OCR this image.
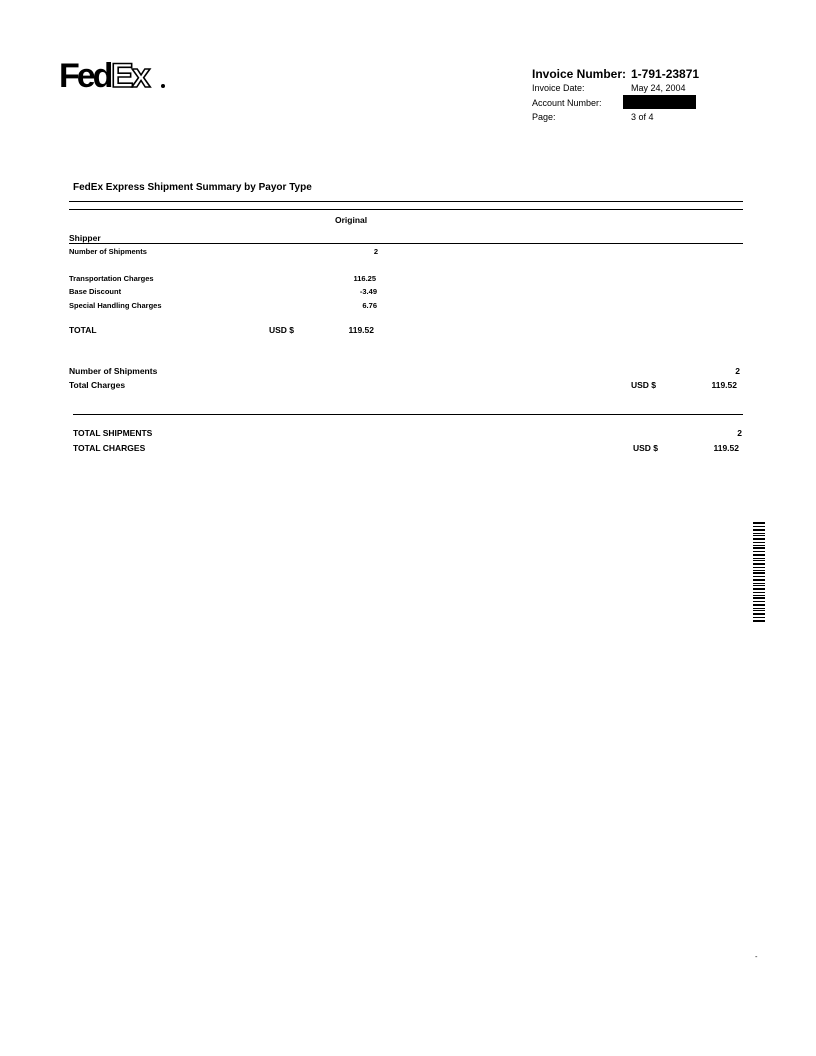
Fed Ex	Invoice Number: 1-791-23871
Invoice Date:	May 24, 2004
Account Number:
Page:	3 of 4
FedEx Express Shipment Summary by Payor Type
Original
Shipper
Number of Shipments	2
Transportation Charges	116.25
Base Discount	-3.49
Special Handling Charges	6.76
TOTAL	USD $	119.52
Number of Shipments	2
Total Charges	USD $	119.52
TOTAL SHIPMENTS	2
TOTAL CHARGES	USD $	119.52
-
